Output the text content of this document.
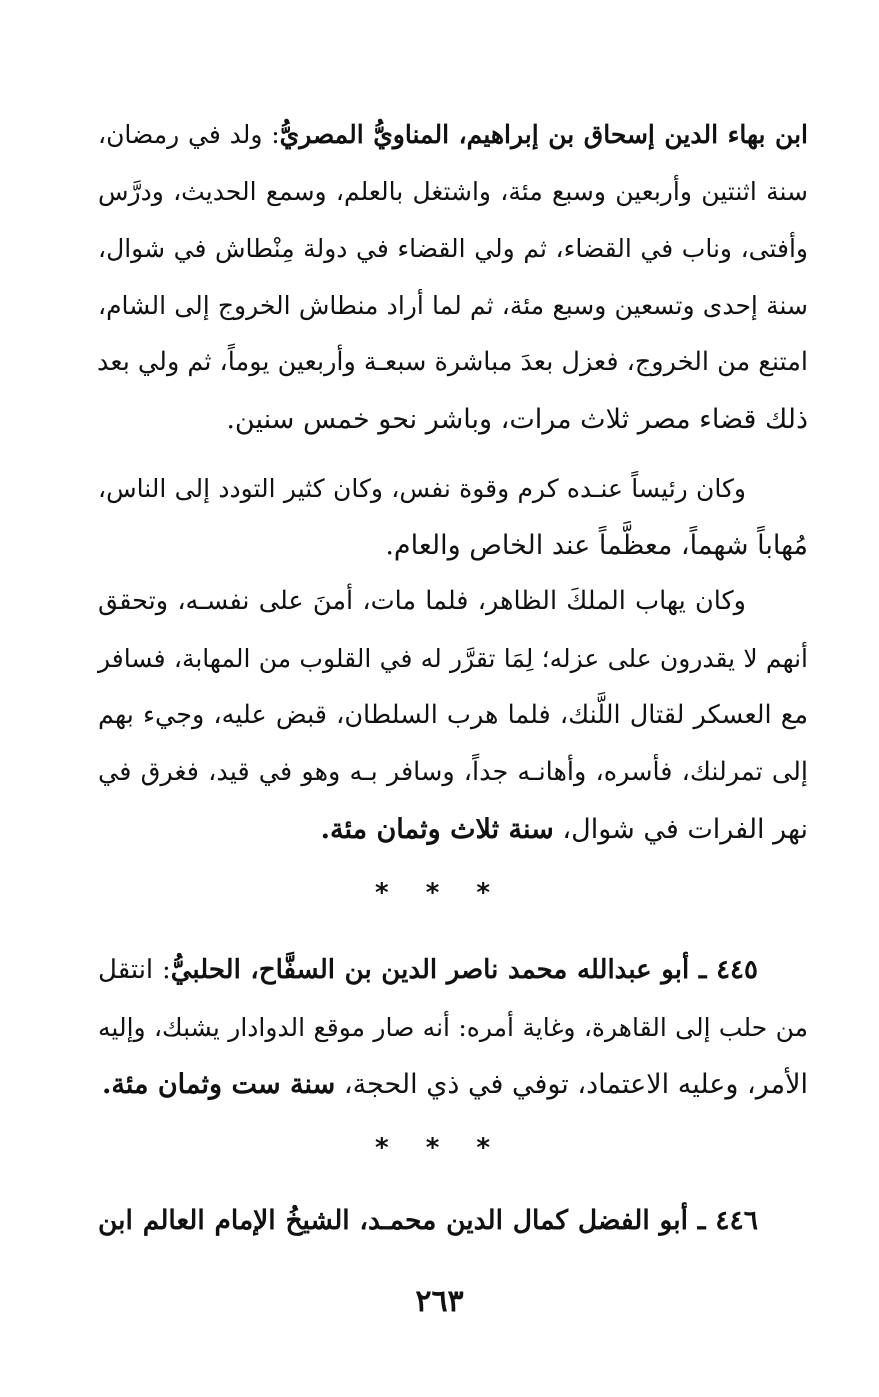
ابن بهاء الدين إسحاق بن إبراهيم، المناويُّ المصريُّ: ولد في رمضان،
سنة اثنتين وأربعين وسبع مئة، واشتغل بالعلم، وسمع الحديث، ودرَّس
وأفتى، وناب في القضاء، ثم ولي القضاء في دولة مِنْطاش في شوال،
سنة إحدى وتسعين وسبع مئة، ثم لما أراد منطاش الخروج إلى الشام،
امتنع من الخروج، فعزل بعدَ مباشرة سبعـة وأربعين يوماً، ثم ولي بعد
ذلك قضاء مصر ثلاث مرات، وباشر نحو خمس سنين.
وكان رئيساً عنـده كرم وقوة نفس، وكان كثير التودد إلى الناس،
مُهاباً شهماً، معظَّماً عند الخاص والعام.
وكان يهاب الملكَ الظاهر، فلما مات، أمنَ على نفسـه، وتحقق
أنهم لا يقدرون على عزله؛ لِمَا تقرَّر له في القلوب من المهابة، فسافر
مع العسكر لقتال اللَّنك، فلما هرب السلطان، قبض عليه، وجيء بهم
إلى تمرلنك، فأسره، وأهانـه جداً، وسافر بـه وهو في قيد، فغرق في
نهر الفرات في شوال، سنة ثلاث وثمان مئة.
* * *
٤٤٥ ـ أبو عبدالله محمد ناصر الدين بن السفَّاح، الحلبيُّ: انتقل
من حلب إلى القاهرة، وغاية أمره: أنه صار موقع الدوادار يشبك، وإليه
الأمر، وعليه الاعتماد، توفي في ذي الحجة، سنة ست وثمان مئة.
* * *
٤٤٦ ـ أبو الفضل كمال الدين محمـد، الشيخُ الإمام العالم ابن
٢٦٣
